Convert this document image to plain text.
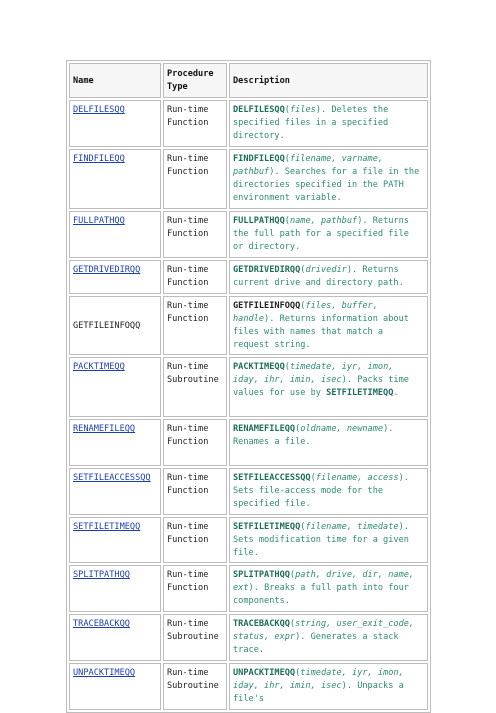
Name	Procedure Type	Description
DELFILESQQ	Run-time Function	DELFILESQQ(files). Deletes the specified files in a specified directory.
FINDFILEQQ	Run-time Function	FINDFILEQQ(filename, varname, pathbuf). Searches for a file in the directories specified in the PATH environment variable.
FULLPATHQQ	Run-time Function	FULLPATHQQ(name, pathbuf). Returns the full path for a specified file or directory.
GETDRIVEDIRQQ	Run-time Function	GETDRIVEDIRQQ(drivedir). Returns current drive and directory path.
GETFILEINFOQQ	Run-time Function	GETFILEINFOQQ(files, buffer, handle). Returns information about files with names that match a request string.
PACKTIMEQQ	Run-time Subroutine	PACKTIMEQQ(timedate, iyr, imon, iday, ihr, imin, isec). Packs time values for use by SETFILETIMEQQ.
RENAMEFILEQQ	Run-time Function	RENAMEFILEQQ(oldname, newname). Renames a file.
SETFILEACCESSQQ	Run-time Function	SETFILEACCESSQQ(filename, access). Sets file-access mode for the specified file.
SETFILETIMEQQ	Run-time Function	SETFILETIMEQQ(filename, timedate). Sets modification time for a given file.
SPLITPATHQQ	Run-time Function	SPLITPATHQQ(path, drive, dir, name, ext). Breaks a full path into four components.
TRACEBACKQQ	Run-time Subroutine	TRACEBACKQQ(string, user_exit_code, status, expr). Generates a stack trace.
UNPACKTIMEQQ	Run-time Subroutine	UNPACKTIMEQQ(timedate, iyr, imon, iday, ihr, imin, isec). Unpacks a file's
